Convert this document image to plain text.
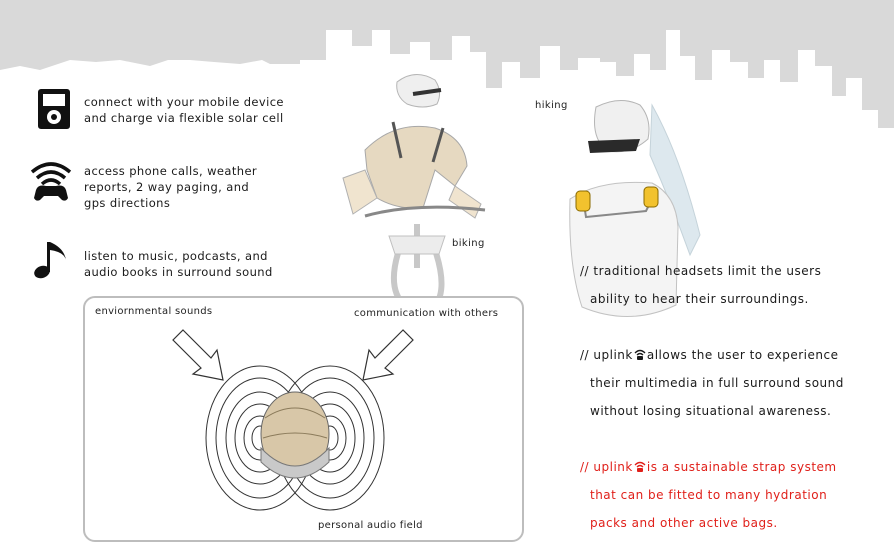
connect with your mobile device
and charge via flexible solar cell
access phone calls, weather
reports, 2 way paging, and
gps directions
listen to music, podcasts, and
audio books in surround sound
hiking
biking
enviornmental sounds	communication with others
personal audio field
// traditional headsets limit the users
ability to hear their surroundings.
// uplink allows the user to experience
their multimedia in full surround sound
without losing situational awareness.
// uplink is a sustainable strap system
that can be fitted to many hydration
packs and other active bags.
